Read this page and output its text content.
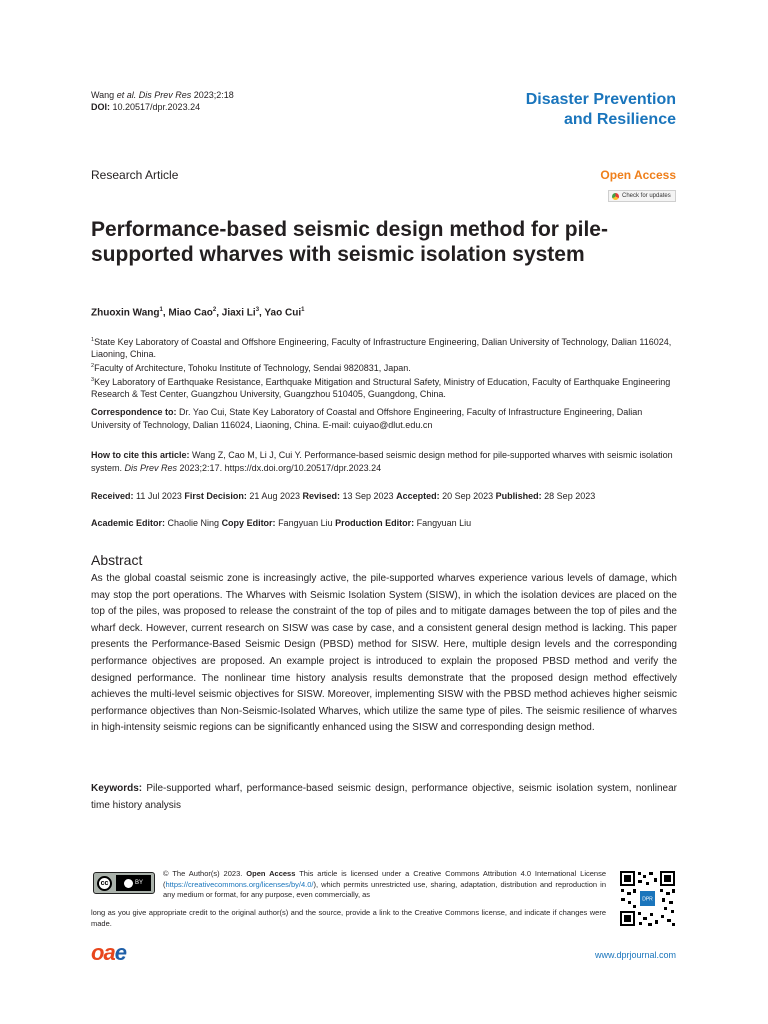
Wang et al. Dis Prev Res 2023;2:18
DOI: 10.20517/dpr.2023.24	Disaster Prevention
and Resilience
Research Article	Open Access
Check for updates
Performance-based seismic design method for pile-supported wharves with seismic isolation system
Zhuoxin Wang$^1$, Miao Cao$^2$, Jiaxi Li$^3$, Yao Cui$^1$
$^1$State Key Laboratory of Coastal and Offshore Engineering, Faculty of Infrastructure Engineering, Dalian University of Technology, Dalian 116024, Liaoning, China.
$^2$Faculty of Architecture, Tohoku Institute of Technology, Sendai 9820831, Japan.
$^3$Key Laboratory of Earthquake Resistance, Earthquake Mitigation and Structural Safety, Ministry of Education, Faculty of Earthquake Engineering Research & Test Center, Guangzhou University, Guangzhou 510405, Guangdong, China.
Correspondence to: Dr. Yao Cui, State Key Laboratory of Coastal and Offshore Engineering, Faculty of Infrastructure Engineering, Dalian University of Technology, Dalian 116024, Liaoning, China. E-mail: cuiyao@dlut.edu.cn
How to cite this article: Wang Z, Cao M, Li J, Cui Y. Performance-based seismic design method for pile-supported wharves with seismic isolation system. Dis Prev Res 2023;2:17. https://dx.doi.org/10.20517/dpr.2023.24
Received: 11 Jul 2023 First Decision: 21 Aug 2023 Revised: 13 Sep 2023 Accepted: 20 Sep 2023 Published: 28 Sep 2023
Academic Editor: Chaolie Ning Copy Editor: Fangyuan Liu Production Editor: Fangyuan Liu
Abstract

As the global coastal seismic zone is increasingly active, the pile-supported wharves experience various levels of damage, which may stop the port operations. The Wharves with Seismic Isolation System (SISW), in which the isolation devices are placed on the top of the piles, was proposed to release the constraint of the top of piles and to mitigate damages between the top of piles and the wharf deck. However, current research on SISW was case by case, and a consistent general design method is lacking. This paper presents the Performance-Based Seismic Design (PBSD) method for SISW. Here, multiple design levels and the corresponding performance objectives are proposed. An example project is introduced to explain the proposed PBSD method and verify the designed performance. The nonlinear time history analysis results demonstrate that the proposed design method effectively achieves the multi-level seismic objectives for SISW. Moreover, implementing SISW with the PBSD method achieves higher seismic performance objectives than Non-Seismic-Isolated Wharves, which utilize the same type of piles. The seismic resilience of wharves in high-intensity seismic regions can be significantly enhanced using the SISW and corresponding design method.

Keywords: Pile-supported wharf, performance-based seismic design, performance objective, seismic isolation system, nonlinear time history analysis
cc	BY
© The Author(s) 2023. Open Access This article is licensed under a Creative Commons Attribution 4.0 International License (https://creativecommons.org/licenses/by/4.0/), which permits unrestricted use, sharing, adaptation, distribution and reproduction in any medium or format, for any purpose, even commercially, as
long as you give appropriate credit to the original author(s) and the source, provide a link to the Creative Commons license, and indicate if changes were made.
DPR
oae	www.dprjournal.com
